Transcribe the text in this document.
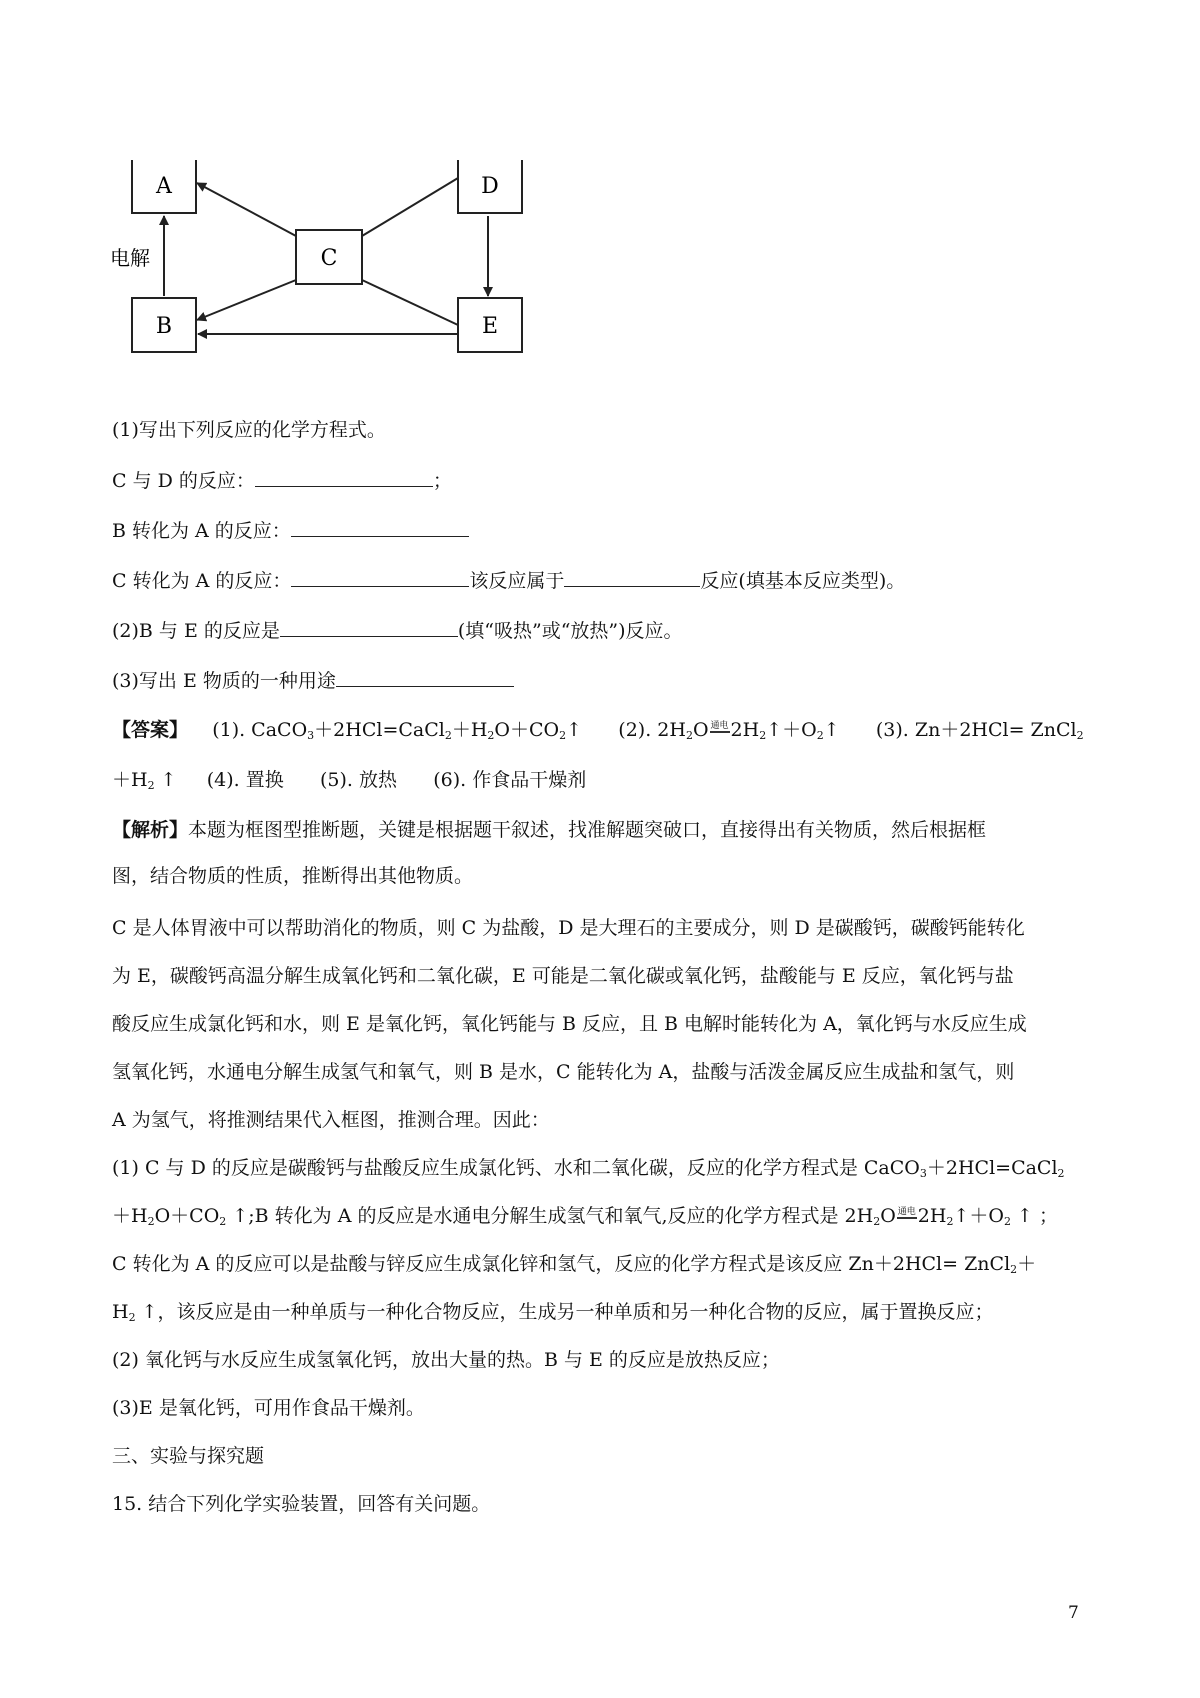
A	D
C
B	E
电解
(1)写出下列反应的化学方程式。
C 与 D 的反应：	；
B 转化为 A 的反应：
C 转化为 A 的反应：	该反应属于	反应(填基本反应类型)。
(2)B 与 E 的反应是	(填“吸热”或“放热”)反应。
(3)写出 E 物质的一种用途
【答案】 (1). $CaCO_3+2HCl=CaCl_2+H_2O+CO_2↑$ (2). $2H_2O$ 通电 $2H_2↑+O_2↑$ (3). Zn＋2HCl= ZnCl$_2$
$+H_2$ ↑ (4). 置换 (5). 放热 (6). 作食品干燥剂
【解析】本题为框图型推断题，关键是根据题干叙述，找准解题突破口，直接得出有关物质，然后根据框
图，结合物质的性质，推断得出其他物质。
C 是人体胃液中可以帮助消化的物质，则 C 为盐酸，D 是大理石的主要成分，则 D 是碳酸钙，碳酸钙能转化
为 E，碳酸钙高温分解生成氧化钙和二氧化碳，E 可能是二氧化碳或氧化钙，盐酸能与 E 反应，氧化钙与盐
酸反应生成氯化钙和水，则 E 是氧化钙，氧化钙能与 B 反应，且 B 电解时能转化为 A，氧化钙与水反应生成
氢氧化钙，水通电分解生成氢气和氧气，则 B 是水，C 能转化为 A，盐酸与活泼金属反应生成盐和氢气，则
A 为氢气，将推测结果代入框图，推测合理。因此：
(1) C 与 D 的反应是碳酸钙与盐酸反应生成氯化钙、水和二氧化碳，反应的化学方程式是 CaCO$_3$＋2HCl=CaCl$_2$
$+H_2O+CO_2$ ↑;B 转化为 A 的反应是水通电分解生成氢气和氧气,反应的化学方程式是 $2H_2O$ 通电 $2H_2↑+O_2$ ↑ ；
C 转化为 A 的反应可以是盐酸与锌反应生成氯化锌和氢气，反应的化学方程式是该反应 Zn＋2HCl= ZnCl$_2$＋
$H_2$ ↑，该反应是由一种单质与一种化合物反应，生成另一种单质和另一种化合物的反应，属于置换反应；
(2) 氧化钙与水反应生成氢氧化钙，放出大量的热。B 与 E 的反应是放热反应；
(3)E 是氧化钙，可用作食品干燥剂。
三、实验与探究题
15. 结合下列化学实验装置，回答有关问题。
7
